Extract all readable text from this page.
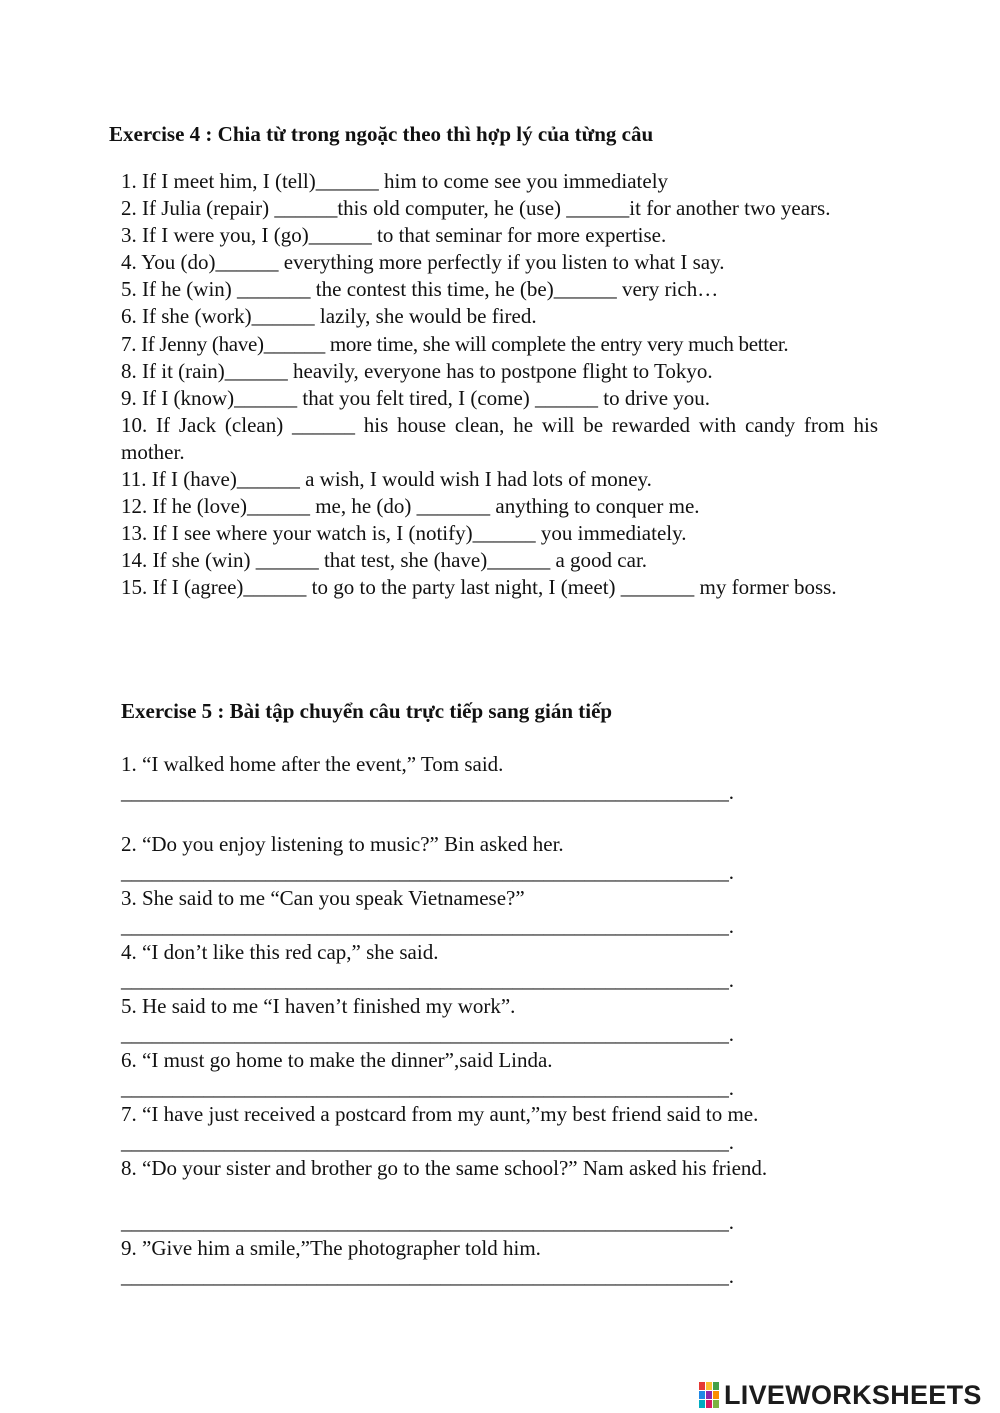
Exercise 4 : Chia từ trong ngoặc theo thì hợp lý của từng câu

1. If I meet him, I (tell)______ him to come see you immediately

2. If Julia (repair) ______this old computer, he (use) ______it for another two years.

3. If I were you, I (go)______ to that seminar for more expertise.

4. You (do)______ everything more perfectly if you listen to what I say.

5. If he (win) _______ the contest this time, he (be)______ very rich…

6. If she (work)______ lazily, she would be fired.

7. If Jenny (have)______ more time, she will complete the entry very much better.

8. If it (rain)______ heavily, everyone has to postpone flight to Tokyo.

9. If I (know)______ that you felt tired, I (come) ______ to drive you.

10. If Jack (clean) ______ his house clean, he will be rewarded with candy from his mother.

11. If I (have)______ a wish, I would wish I had lots of money.

12. If he (love)______ me, he (do) _______ anything to conquer me.

13. If I see where your watch is, I (notify)______ you immediately.

14. If she (win) ______ that test, she (have)______ a good car.

15. If I (agree)______ to go to the party last night, I (meet) _______ my former boss.

Exercise 5 : Bài tập chuyển câu trực tiếp sang gián tiếp

1. “I walked home after the event,” Tom said.

___________________________________________________________.

2. “Do you enjoy listening to music?” Bin asked her.

___________________________________________________________.

3. She said to me “Can you speak Vietnamese?”

___________________________________________________________.

4. “I don’t like this red cap,” she said.

___________________________________________________________.

5. He said to me “I haven’t finished my work”.

___________________________________________________________.

6. “I must go home to make the dinner”,said Linda.

___________________________________________________________.

7. “I have just received a postcard from my aunt,”my best friend said to me.

___________________________________________________________.

8. “Do your sister and brother go to the same school?” Nam asked his friend.

___________________________________________________________.

9. ”Give him a smile,”The photographer told him.

___________________________________________________________.

LIVEWORKSHEETS
